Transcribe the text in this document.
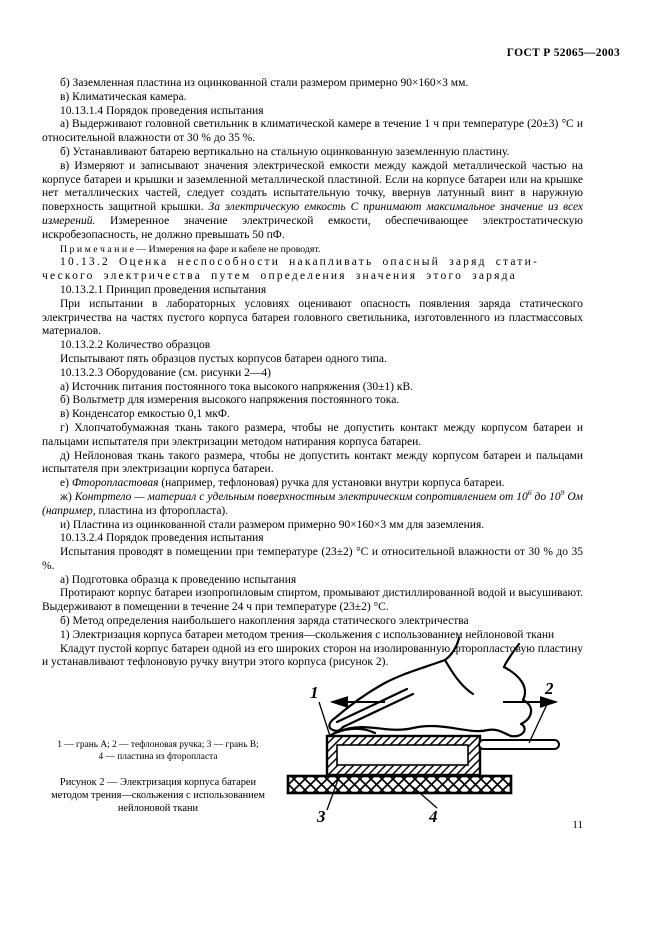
ГОСТ Р 52065—2003

б) Заземленная пластина из оцинкованной стали размером примерно 90×160×3 мм.

в) Климатическая камера.

10.13.1.4 Порядок проведения испытания

а) Выдерживают головной светильник в климатической камере в течение 1 ч при температуре (20±3) °С и относительной влажности от 30 % до 35 %.

б) Устанавливают батарею вертикально на стальную оцинкованную заземленную пластину.

в) Измеряют и записывают значения электрической емкости между каждой металлической частью на корпусе батареи и крышки и заземленной металлической пластиной. Если на корпусе батареи или на крышке нет металлических частей, следует создать испытательную точку, ввернув латунный винт в наружную поверхность защитной крышки. За электрическую емкость С принимают максимальное значение из всех измерений. Измеренное значение электрической емкости, обеспечивающее электростатическую искробезопасность, не должно превышать 50 пФ.

П р и м е ч а н и е — Измерения на фаре и кабеле не проводят.

10.13.2 Оценка неспособности накапливать опасный заряд стати-
ческого электричества путем определения значения этого заряда

10.13.2.1 Принцип проведения испытания

При испытании в лабораторных условиях оценивают опасность появления заряда статического электричества на частях пустого корпуса батареи головного светильника, изготовленного из пластмассовых материалов.

10.13.2.2 Количество образцов

Испытывают пять образцов пустых корпусов батареи одного типа.

10.13.2.3 Оборудование (см. рисунки 2—4)

а) Источник питания постоянного тока высокого напряжения (30±1) кВ.

б) Вольтметр для измерения высокого напряжения постоянного тока.

в) Конденсатор емкостью 0,1 мкФ.

г) Хлопчатобумажная ткань такого размера, чтобы не допустить контакт между корпусом батареи и пальцами испытателя при электризации методом натирания корпуса батареи.

д) Нейлоновая ткань такого размера, чтобы не допустить контакт между корпусом батареи и пальцами испытателя при электризации корпуса батареи.

е) Фторопластовая (например, тефлоновая) ручка для установки внутри корпуса батареи.

ж) Контртело — материал с удельным поверхностным электрическим сопротивлением от $10^6$ до $10^9$ Ом (например, пластина из фторопласта).

и) Пластина из оцинкованной стали размером примерно 90×160×3 мм для заземления.

10.13.2.4 Порядок проведения испытания

Испытания проводят в помещении при температуре (23±2) °С и относительной влажности от 30 % до 35 %.

а) Подготовка образца к проведению испытания

Протирают корпус батареи изопропиловым спиртом, промывают дистиллированной водой и высушивают. Выдерживают в помещении в течение 24 ч при температуре (23±2) °С.

б) Метод определения наибольшего накопления заряда статического электричества

1) Электризация корпуса батареи методом трения—скольжения с использованием нейлоновой ткани

Кладут пустой корпус батареи одной из его широких сторон на изолированную фторопластовую пластину и устанавливают тефлоновую ручку внутри этого корпуса (рисунок 2).

1 — грань А; 2 — тефлоновая ручка; 3 — грань В;
4 — пластина из фторопласта
Рисунок 2 — Электризация корпуса батареи методом трения—скольжения с использованием нейлоновой ткани
1	2
3	4	11
